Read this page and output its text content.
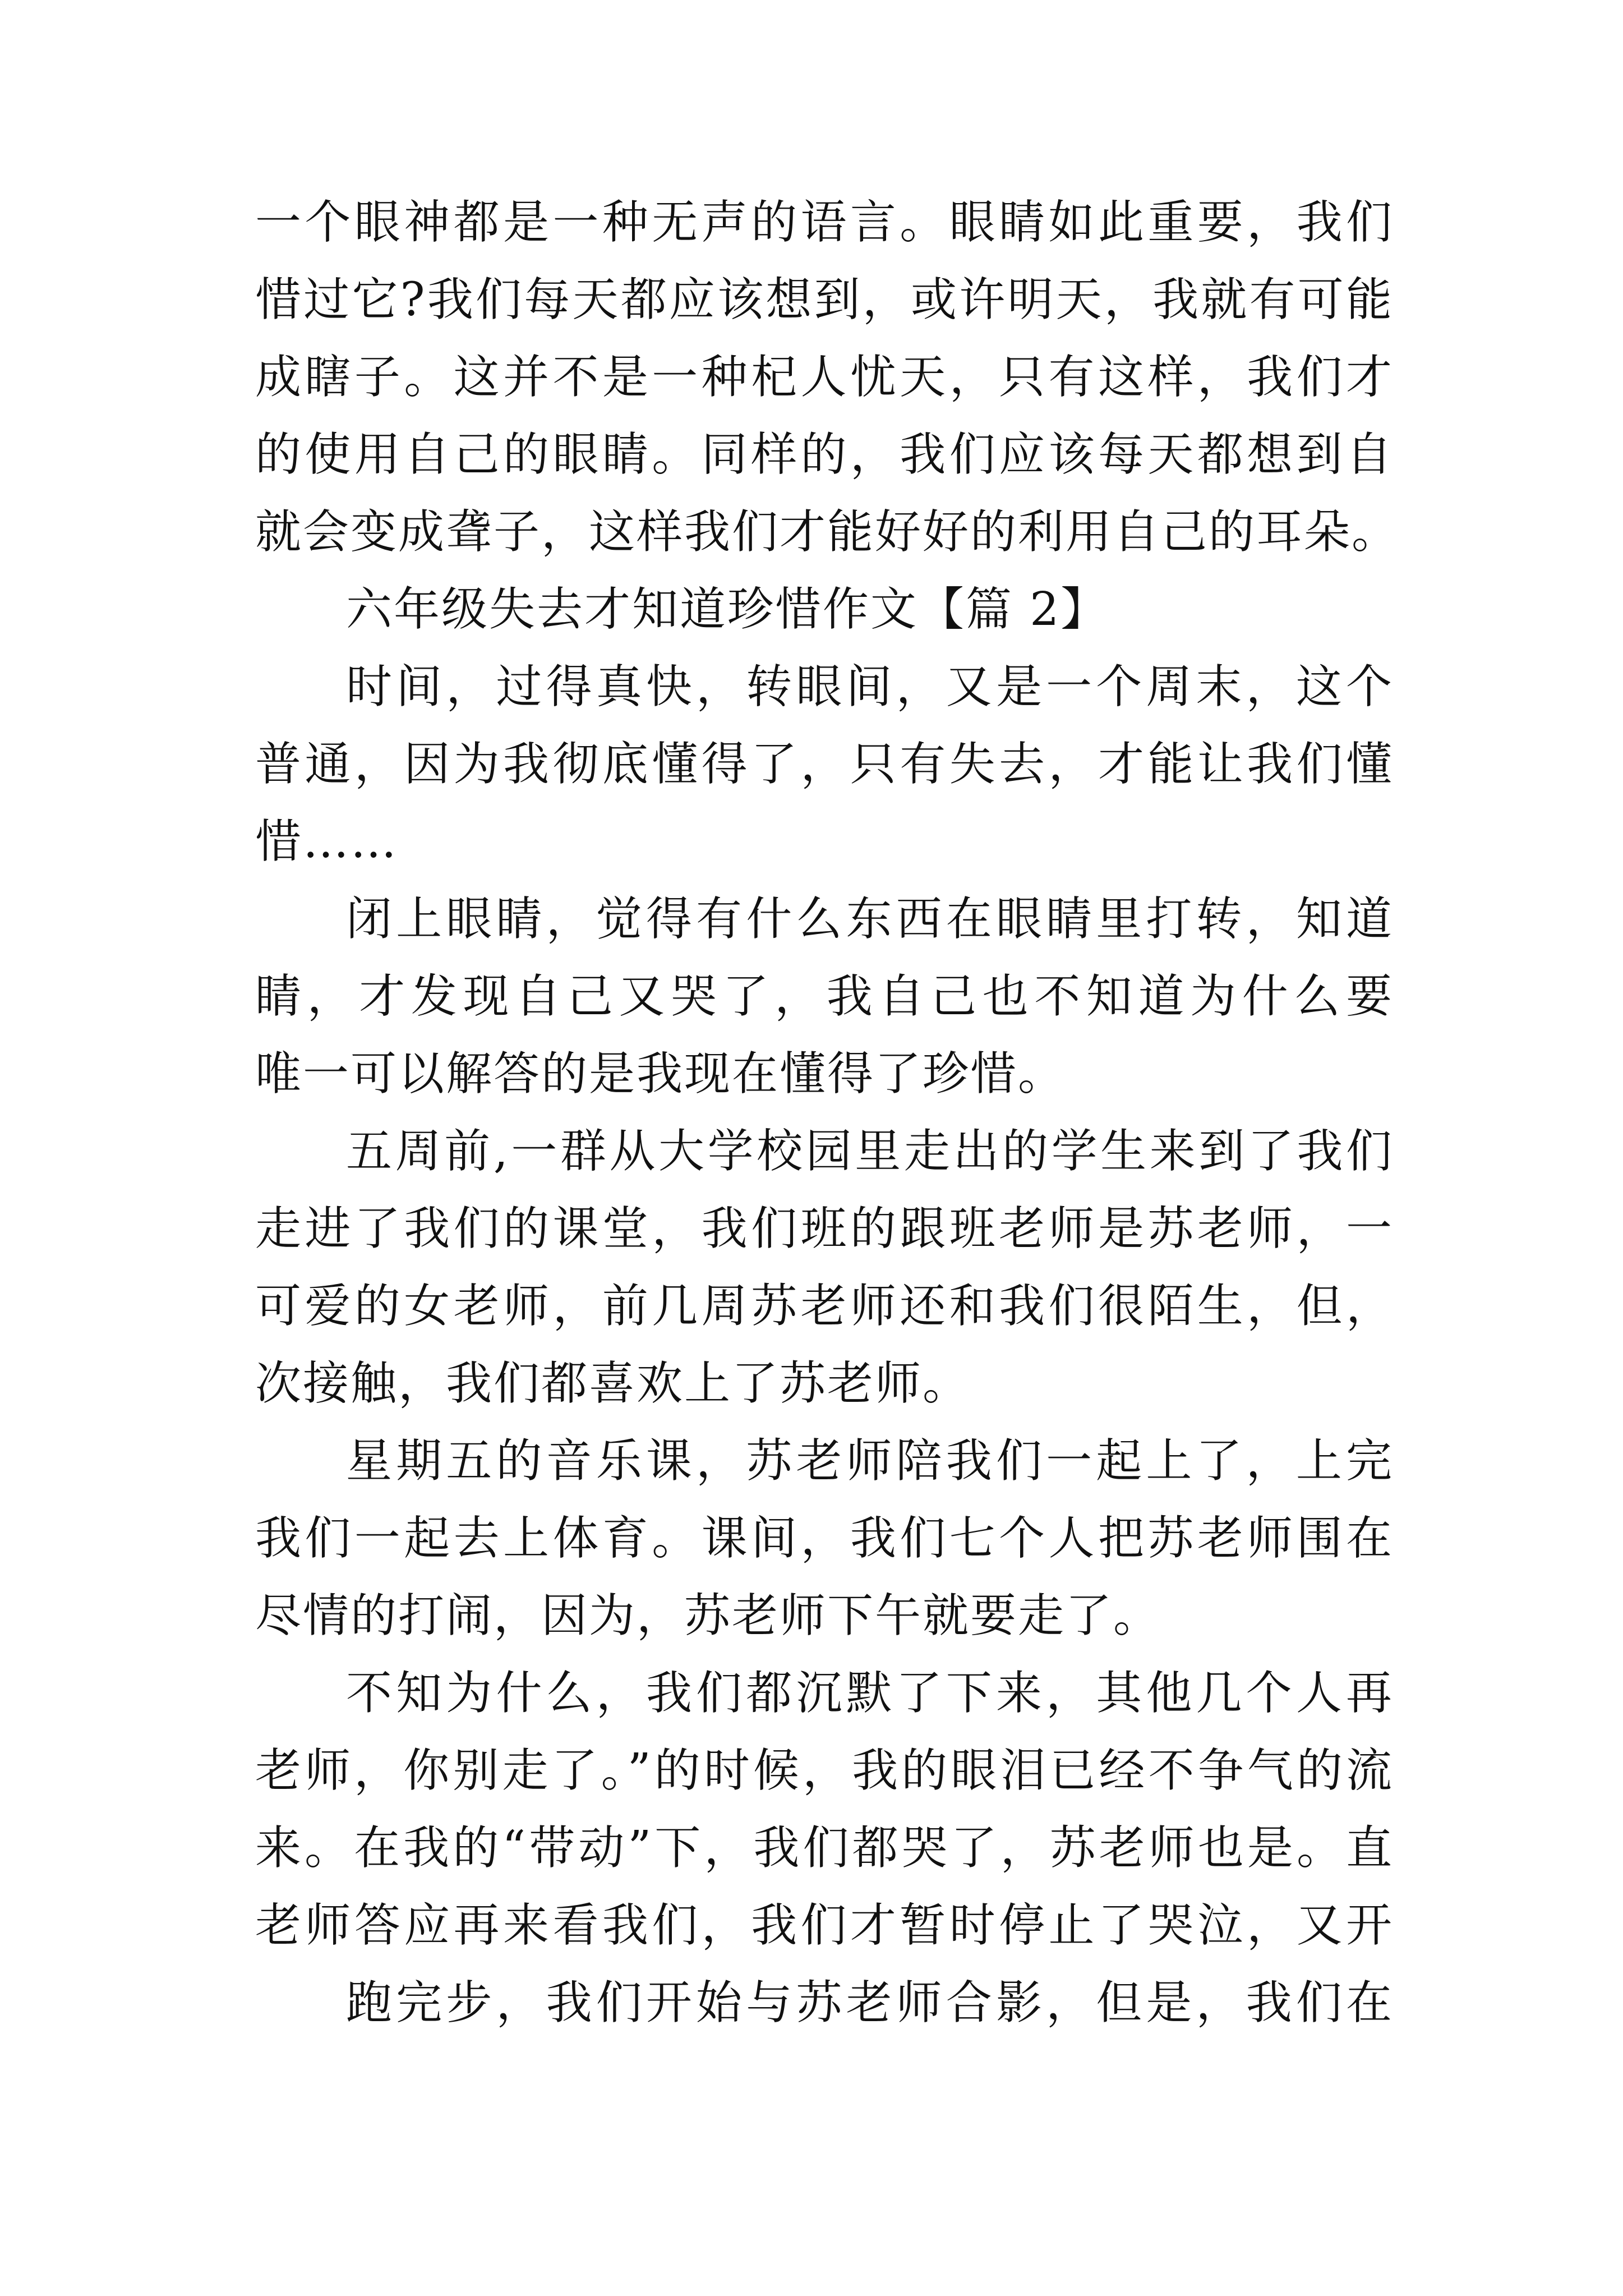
一个眼神都是一种无声的语言。眼睛如此重要，我们
惜过它?我们每天都应该想到，或许明天，我就有可能
成瞎子。这并不是一种杞人忧天，只有这样，我们才
的使用自己的眼睛。同样的，我们应该每天都想到自
就会变成聋子，这样我们才能好好的利用自己的耳朵。
六年级失去才知道珍惜作文【篇 2】
时间，过得真快，转眼间，又是一个周末，这个
普通，因为我彻底懂得了，只有失去，才能让我们懂
惜……
闭上眼睛，觉得有什么东西在眼睛里打转，知道
睛，才发现自己又哭了，我自己也不知道为什么要
唯一可以解答的是我现在懂得了珍惜。
五周前,一群从大学校园里走出的学生来到了我们
走进了我们的课堂，我们班的跟班老师是苏老师，一
可爱的女老师，前几周苏老师还和我们很陌生，但，
次接触，我们都喜欢上了苏老师。
星期五的音乐课，苏老师陪我们一起上了，上完
我们一起去上体育。课间，我们七个人把苏老师围在
尽情的打闹，因为，苏老师下午就要走了。
不知为什么，我们都沉默了下来，其他几个人再
老师，你别走了。”的时候，我的眼泪已经不争气的流
来。在我的“带动”下，我们都哭了，苏老师也是。直
老师答应再来看我们，我们才暂时停止了哭泣，又开
跑完步，我们开始与苏老师合影，但是，我们在
